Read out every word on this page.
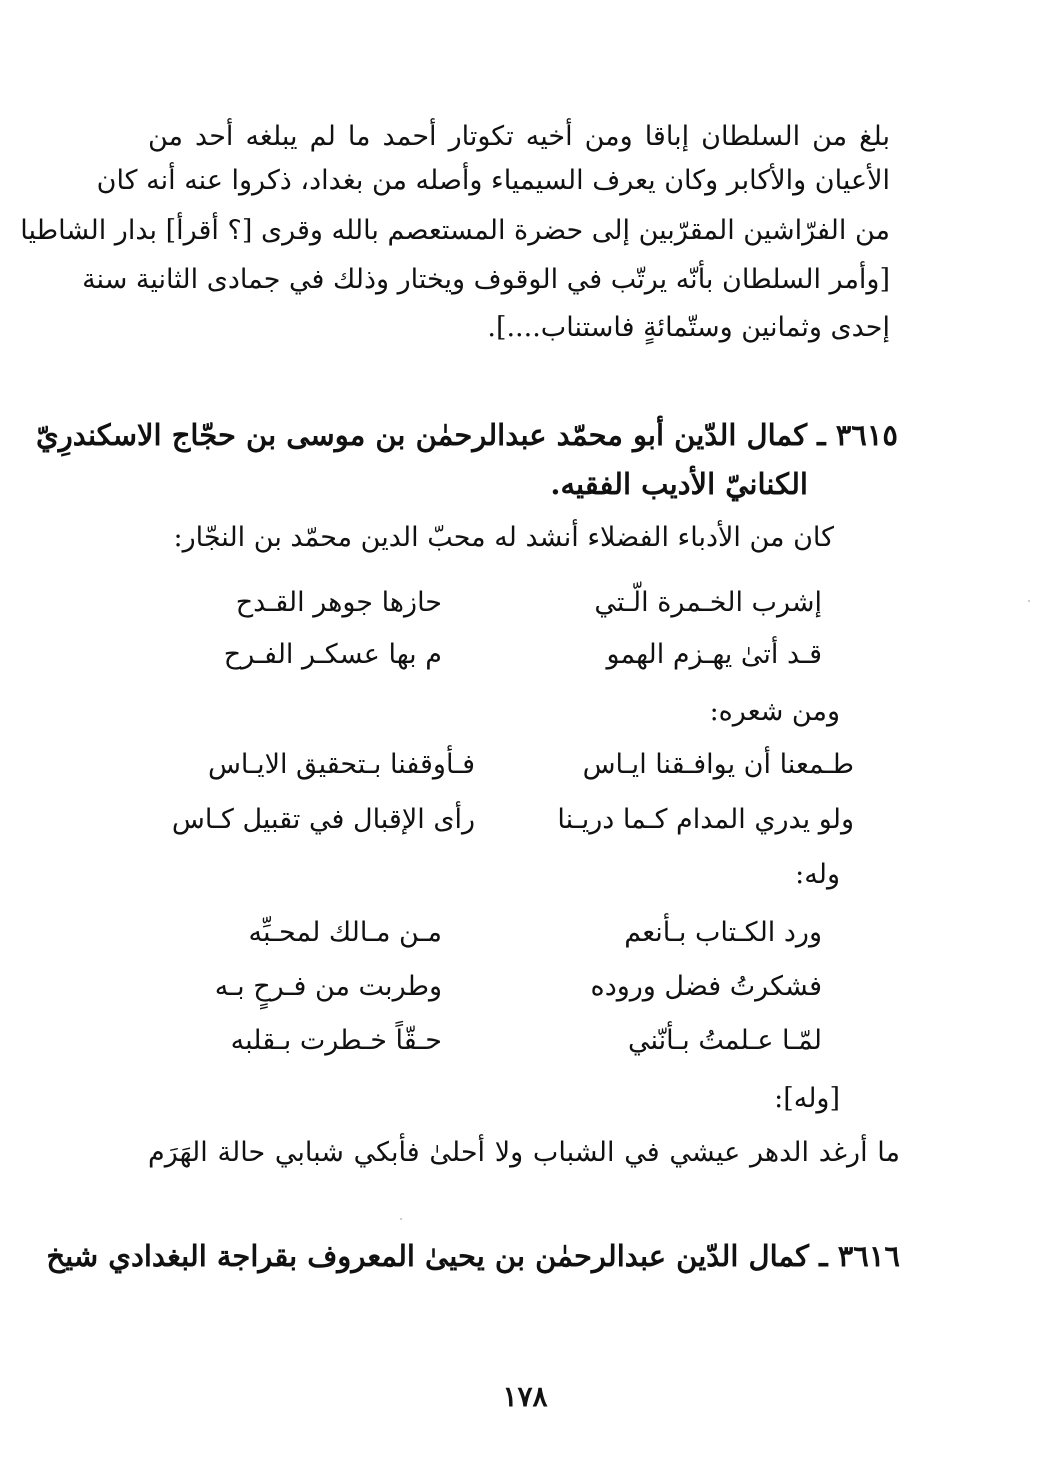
بلغ من السلطان إباقا ومن أخيه تكوتار أحمد ما لم يبلغه أحد من
الأعيان والأكابر وكان يعرف السيمياء وأصله من بغداد، ذكروا عنه أنه كان
من الفرّاشين المقرّبين إلى حضرة المستعصم بالله وقرى [؟ أقرأ] بدار الشاطيا
[وأمر السلطان بأنّه يرتّب في الوقوف ويختار وذلك في جمادى الثانية سنة
إحدى وثمانين وستّمائةٍ فاستناب....].
٣٦١٥ ـ كمال الدّين أبو محمّد عبدالرحمٰن بن موسى بن حجّاج الاسكندرِيّ
الكنانيّ الأديب الفقيه.
كان من الأدباء الفضلاء أنشد له محبّ الدين محمّد بن النجّار:
إشرب الخـمرة الّـتي
حازها جوهر القـدح
قـد أتىٰ يهـزم الهمو
م بها عسكـر الفـرح
ومن شعره:
طـمعنا أن يوافـقنا ايـاس
فـأوقفنا بـتحقيق الايـاس
ولو يدري المدام كـما دريـنا
رأى الإقبال في تقبيل كـاس
وله:
ورد الكـتاب بـأنعم
مـن مـالك لمحـبِّه
فشكرتُ فضل وروده
وطربت من فـرحٍ بـه
لمّـا عـلمتُ بـأنّني
حـقّاً خـطرت بـقلبه
[وله]:
ما أرغد الدهر عيشي في الشباب ولا أحلىٰ فأبكي شبابي حالة الهَرَم
٣٦١٦ ـ كمال الدّين عبدالرحمٰن بن يحيىٰ المعروف بقراجة البغدادي شيخ
١٧٨
